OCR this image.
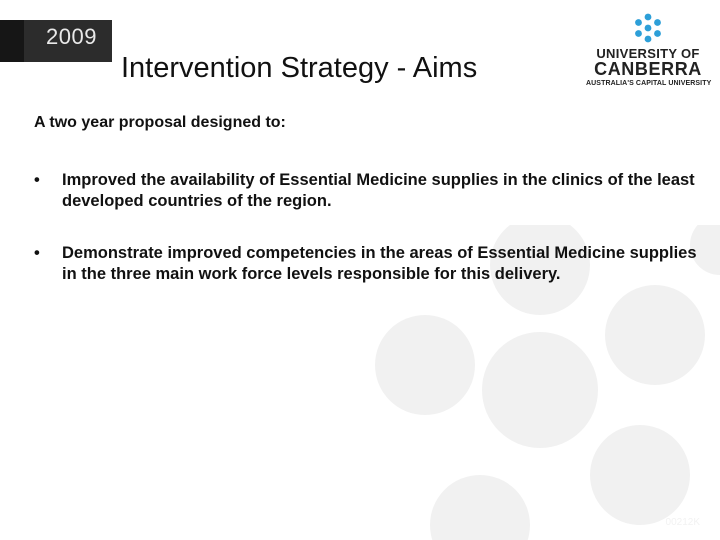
2009
Intervention Strategy - Aims	UNIVERSITY OF
CANBERRA
AUSTRALIA'S CAPITAL UNIVERSITY
A two year proposal designed to:
• Improved the availability of Essential Medicine supplies in the clinics of the least developed countries of the region.
• Demonstrate improved competencies in the areas of Essential Medicine supplies in the three main work force levels responsible for this delivery.
00212K
